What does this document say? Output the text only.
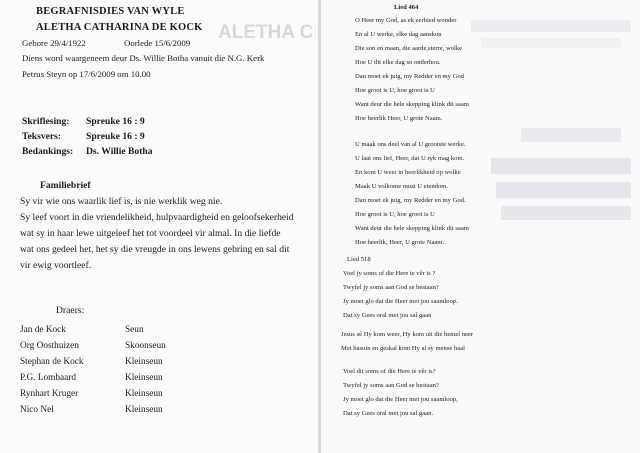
ALETHA C
BEGRAFNISDIES VAN WYLE
ALETHA CATHARINA DE KOCK
Gebore 29/4/1922	Oorlede 15/6/2009
Diens word waargeneem deur Ds. Willie Botha vanuit die N.G. Kerk
Petrus Steyn op 17/6/2009 om 10.00
Skriflesing: Spreuke 16 : 9
Teksvers:	Spreuke 16 : 9
Bedankings: Ds. Willie Botha
Familiebrief
Sy vir wie ons waarlik lief is, is nie werklik weg nie.
Sy leef voort in die vriendelikheid, hulpvaardigheid en geloofsekerheid
wat sy in haar lewe uitgeleef het tot voordeel vir almal. In die liefde
wat ons gedeel het, het sy die vreugde in ons lewens gebring en sal dit
vir ewig voortleef.
Draers:
Jan de Kock	Seun
Org Oosthuizen	Skoonseun
Stephan de Kock	Kleinseun
P.G. Lombaard	Kleinseun
Rynhart Kruger	Kleinseun
Nico Nel	Kleinseun
Lied 464
O Heer my God, as ek eerbied wonder
En al U werke, elke dag aanskou
Die son en maan, die aarde,sterre, wolke
Hoe U dit elke dag so onderhou.
Dan moet ek juig, my Redder en my God
Hoe groot is U, hoe groot is U
Want deur die hele skepping klink dit saam
Hoe heerlik Heer, U grote Naam.
U maak ons deel van al U grootste werke.
U laat ons lief, Heer, dat U ryk mag kom.
En kom U weer in heerlikheid op wolke
Maak U volkome must U eiendom.
Dan moet ek juig, my Redder en my God.
Hoe groot is U, hoe groot is U
Want deur die hele skepping klink dit saam
Hoe heerlik, Heer, U grote Naam.
Lied 518
Voel jy soms of die Here te vêr is ?
Twyfel jy soms aan God se bestaan?
Jy moet glo dat die Heer met jou saamloop.
Dat sy Gees oral met jou sal gaan
Jesus sê Hy kom weer, Hy kom uit die hemel neer
Met basuin en geskal kom Hy al sy mense haal
Voel dit soms of die Here te vêr is?
Twyfel jy soms aan God se bestaan?
Jy moet glo dat die Heer met jou saamloop,
Dat sy Gees oral met jou sal gaan.
